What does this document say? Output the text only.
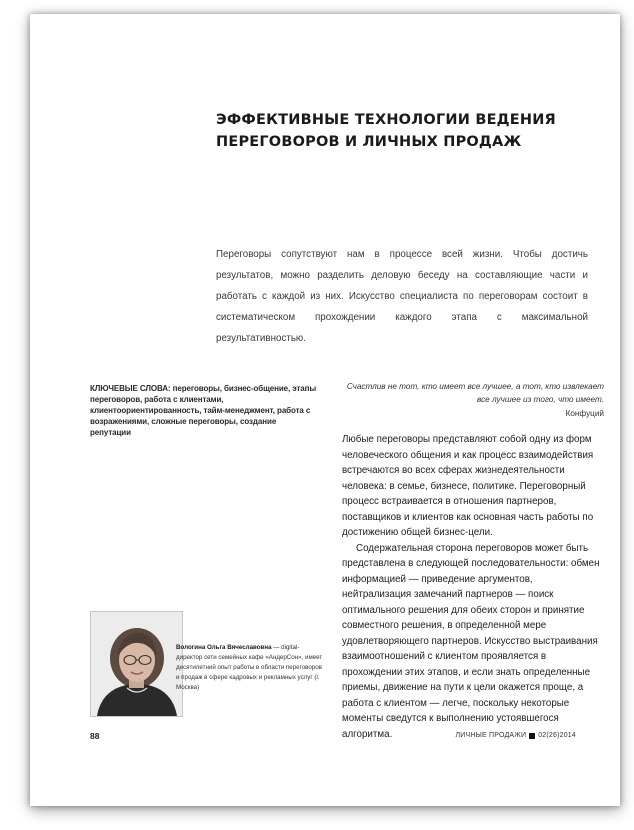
ЭФФЕКТИВНЫЕ ТЕХНОЛОГИИ ВЕДЕНИЯ ПЕРЕГОВОРОВ И ЛИЧНЫХ ПРОДАЖ

Переговоры сопутствуют нам в процессе всей жизни. Чтобы достичь результатов, можно разделить деловую беседу на составляющие части и работать с каждой из них. Искусство специалиста по переговорам состоит в систематическом прохождении каждого этапа с максимальной результативностью.

КЛЮЧЕВЫЕ СЛОВА: переговоры, бизнес-общение, этапы переговоров, работа с клиентами, клиентоориентированность, тайм-менеджмент, работа с возражениями, сложные переговоры, создание репутации

Счастлив не тот, кто имеет все лучшее, а тот, кто извлекает все лучшее из того, что имеет.

Конфуций

Любые переговоры представляют собой одну из форм человеческого общения и как процесс взаимодействия встречаются во всех сферах жизнедеятельности человека: в семье, бизнесе, политике. Переговорный процесс встраивается в отношения партнеров, поставщиков и клиентов как основная часть работы по достижению общей бизнес-цели.

Содержательная сторона переговоров может быть представлена в следующей последовательности: обмен информацией — приведение аргументов, нейтрализация замечаний партнеров — поиск оптимального решения для обеих сторон и принятие совместного решения, в определенной мере удовлетворяющего партнеров. Искусство выстраивания взаимоотношений с клиентом проявляется в прохождении этих этапов, и если знать определенные приемы, движение на пути к цели окажется проще, а работа с клиентом — легче, поскольку некоторые моменты сведутся к выполнению устоявшегося алгоритма.

Вологина Ольга Вячеславовна — digital-директор сети семейных кафе «АндерСон», имеет десятилетний опыт работы в области переговоров и продаж в сфере кадровых и рекламных услуг (г. Москва)

88	ЛИЧНЫЕ ПРОДАЖИ 02(26)2014
